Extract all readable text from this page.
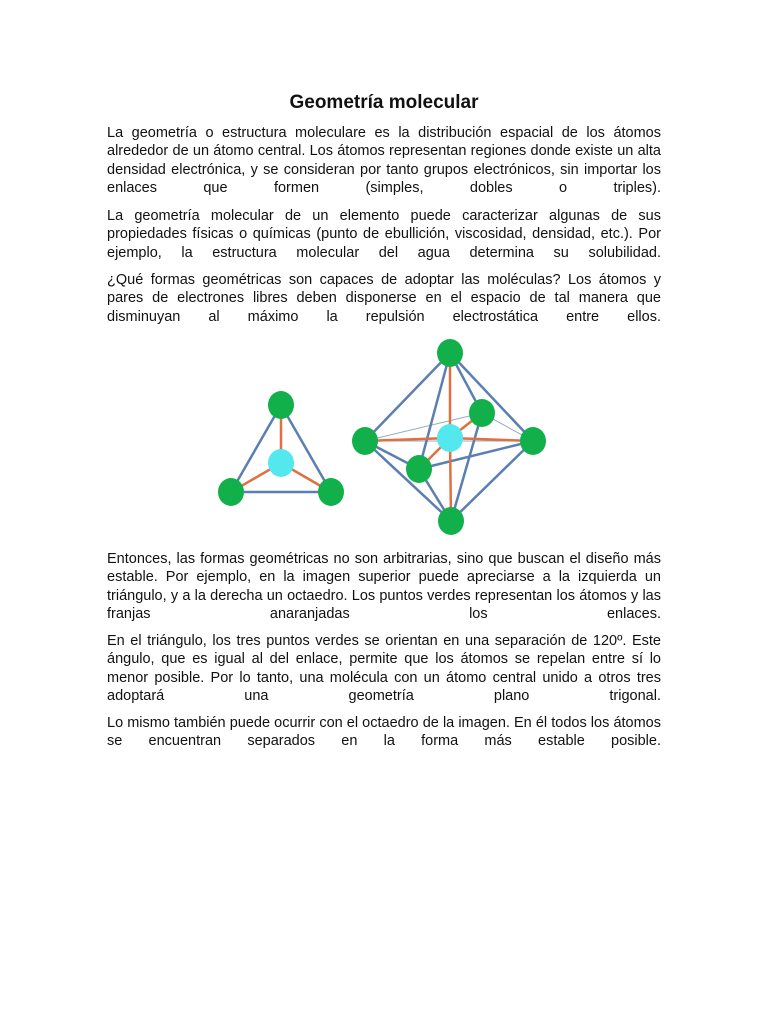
Geometría molecular

La geometría o estructura moleculare es la distribución espacial de los átomos alrededor de un átomo central. Los átomos representan regiones donde existe un alta densidad electrónica, y se consideran por tanto grupos electrónicos, sin importar los enlaces que formen (simples, dobles o triples).

La geometría molecular de un elemento puede caracterizar algunas de sus propiedades físicas o químicas (punto de ebullición, viscosidad, densidad, etc.). Por ejemplo, la estructura molecular del agua determina su solubilidad.

¿Qué formas geométricas son capaces de adoptar las moléculas? Los átomos y pares de electrones libres deben disponerse en el espacio de tal manera que disminuyan al máximo la repulsión electrostática entre ellos.

Entonces, las formas geométricas no son arbitrarias, sino que buscan el diseño más estable. Por ejemplo, en la imagen superior puede apreciarse a la izquierda un triángulo, y a la derecha un octaedro. Los puntos verdes representan los átomos y las franjas anaranjadas los enlaces.

En el triángulo, los tres puntos verdes se orientan en una separación de 120º. Este ángulo, que es igual al del enlace, permite que los átomos se repelan entre sí lo menor posible. Por lo tanto, una molécula con un átomo central unido a otros tres adoptará una geometría plano trigonal.

Lo mismo también puede ocurrir con el octaedro de la imagen. En él todos los átomos se encuentran separados en la forma más estable posible.
